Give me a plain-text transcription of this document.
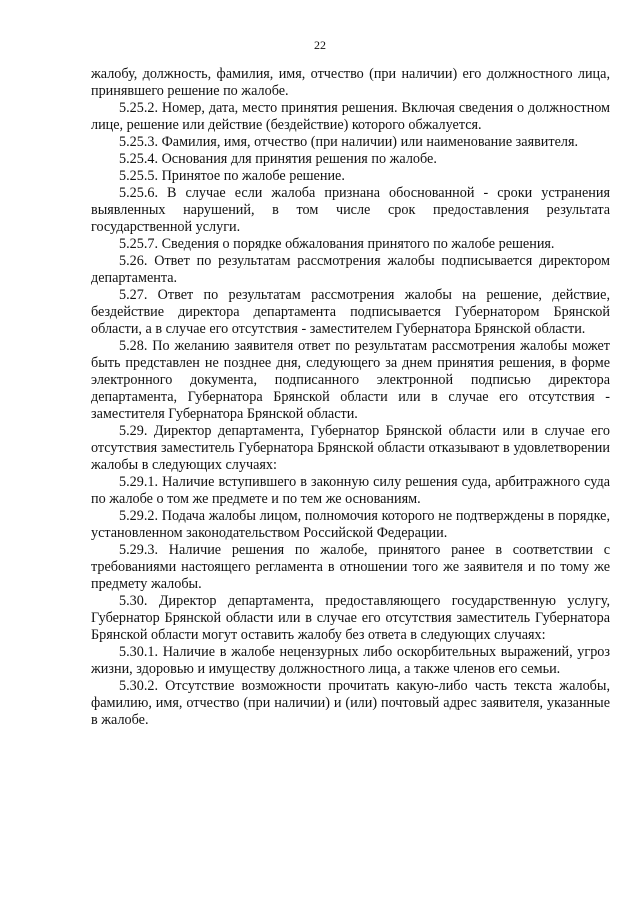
22

жалобу, должность, фамилия, имя, отчество (при наличии) его должностного лица, принявшего решение по жалобе.

5.25.2. Номер, дата, место принятия решения. Включая сведения о должностном лице, решение или действие (бездействие) которого обжалуется.

5.25.3. Фамилия, имя, отчество (при наличии) или наименование заявителя.

5.25.4. Основания для принятия решения по жалобе.

5.25.5. Принятое по жалобе решение.

5.25.6. В случае если жалоба признана обоснованной - сроки устранения выявленных нарушений, в том числе срок предоставления результата государственной услуги.

5.25.7. Сведения о порядке обжалования принятого по жалобе решения.

5.26. Ответ по результатам рассмотрения жалобы подписывается директором департамента.

5.27. Ответ по результатам рассмотрения жалобы на решение, действие, бездействие директора департамента подписывается Губернатором Брянской области, а в случае его отсутствия - заместителем Губернатора Брянской области.

5.28. По желанию заявителя ответ по результатам рассмотрения жалобы может быть представлен не позднее дня, следующего за днем принятия решения, в форме электронного документа, подписанного электронной подписью директора департамента, Губернатора Брянской области или в случае его отсутствия - заместителя Губернатора Брянской области.

5.29. Директор департамента, Губернатор Брянской области или в случае его отсутствия заместитель Губернатора Брянской области отказывают в удовлетворении жалобы в следующих случаях:

5.29.1. Наличие вступившего в законную силу решения суда, арбитражного суда по жалобе о том же предмете и по тем же основаниям.

5.29.2. Подача жалобы лицом, полномочия которого не подтверждены в порядке, установленном законодательством Российской Федерации.

5.29.3. Наличие решения по жалобе, принятого ранее в соответствии с требованиями настоящего регламента в отношении того же заявителя и по тому же предмету жалобы.

5.30. Директор департамента, предоставляющего государственную услугу, Губернатор Брянской области или в случае его отсутствия заместитель Губернатора Брянской области могут оставить жалобу без ответа в следующих случаях:

5.30.1. Наличие в жалобе нецензурных либо оскорбительных выражений, угроз жизни, здоровью и имуществу должностного лица, а также членов его семьи.

5.30.2. Отсутствие возможности прочитать какую-либо часть текста жалобы, фамилию, имя, отчество (при наличии) и (или) почтовый адрес заявителя, указанные в жалобе.
